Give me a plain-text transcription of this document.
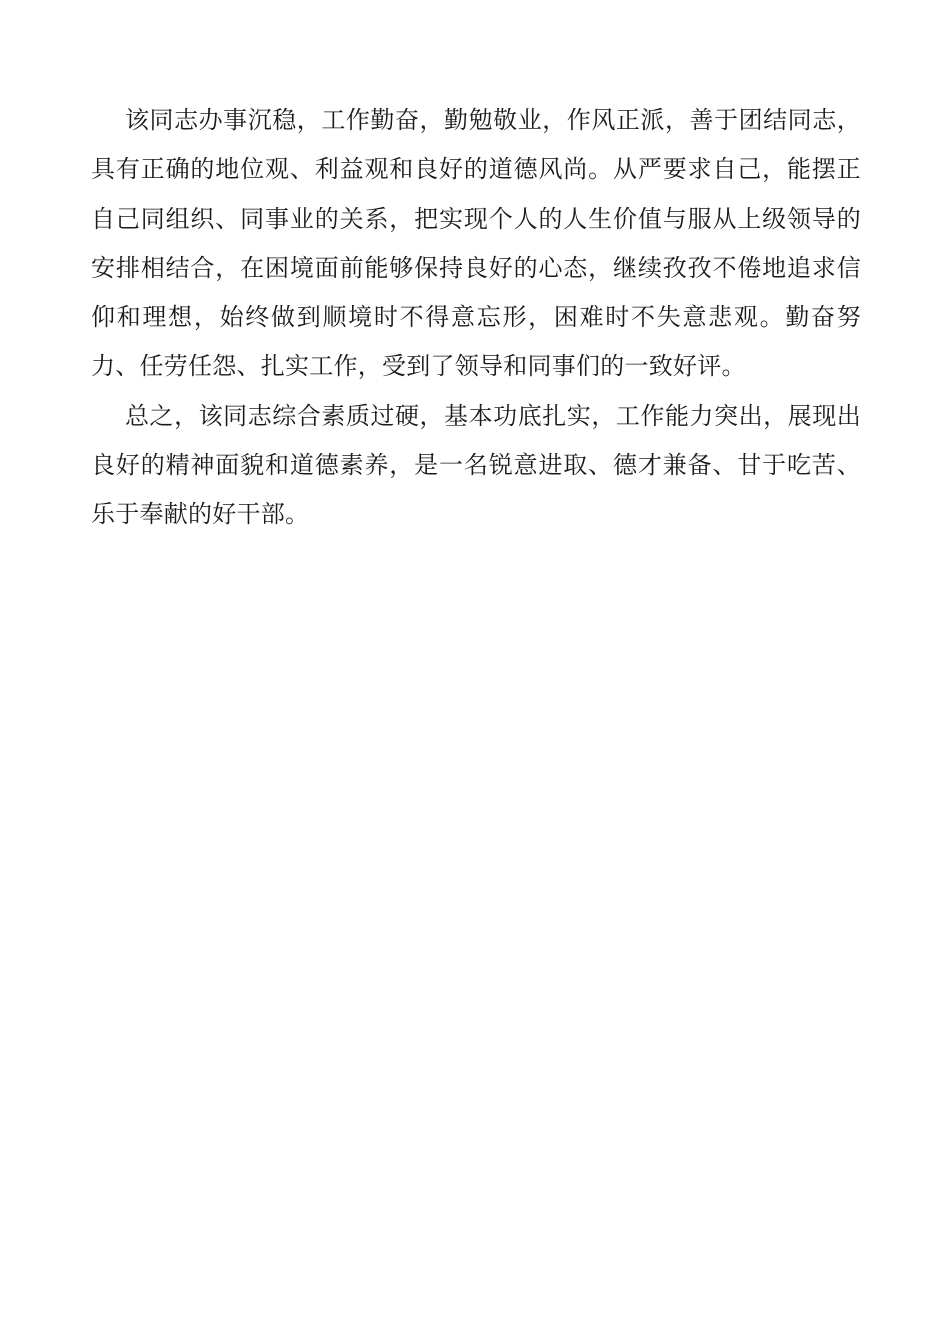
该同志办事沉稳，工作勤奋，勤勉敬业，作风正派，善于团结同志，具有正确的地位观、利益观和良好的道德风尚。从严要求自己，能摆正自己同组织、同事业的关系，把实现个人的人生价值与服从上级领导的安排相结合，在困境面前能够保持良好的心态，继续孜孜不倦地追求信仰和理想，始终做到顺境时不得意忘形，困难时不失意悲观。勤奋努力、任劳任怨、扎实工作，受到了领导和同事们的一致好评。

总之，该同志综合素质过硬，基本功底扎实，工作能力突出，展现出良好的精神面貌和道德素养，是一名锐意进取、德才兼备、甘于吃苦、乐于奉献的好干部。
